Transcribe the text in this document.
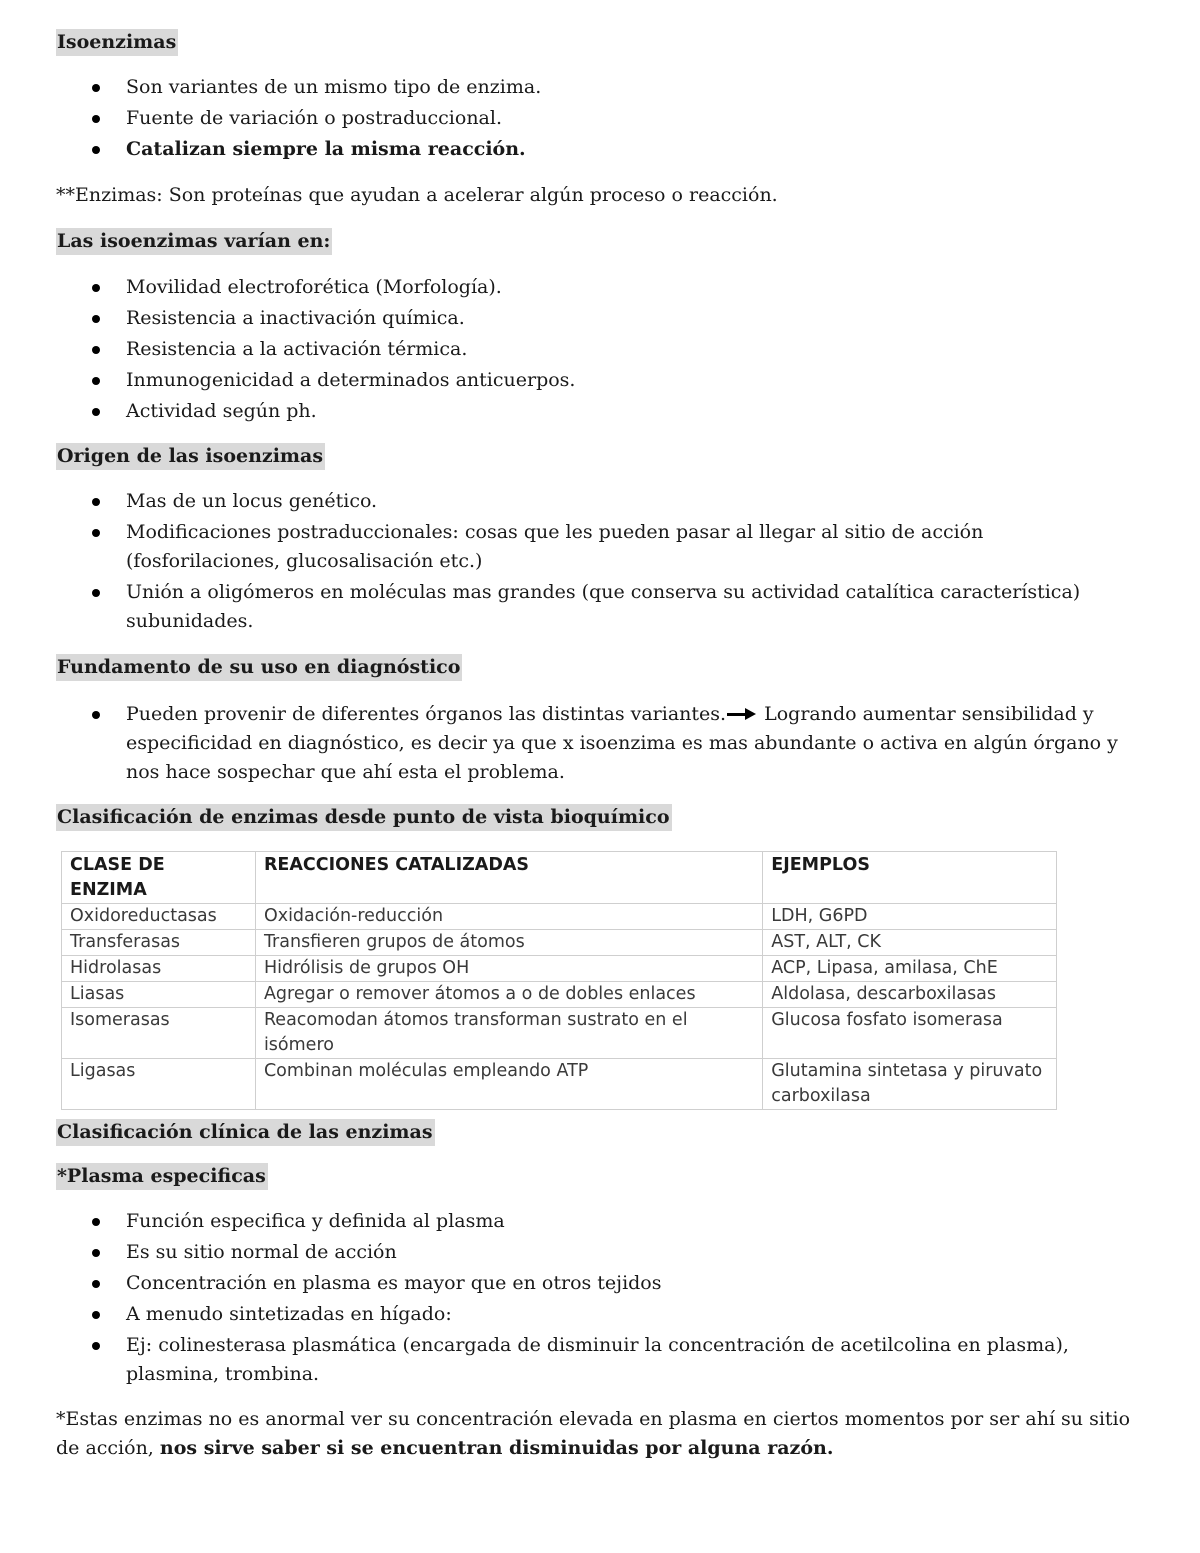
Isoenzimas
Son variantes de un mismo tipo de enzima.
Fuente de variación o postraduccional.
Catalizan siempre la misma reacción.
**Enzimas: Son proteínas que ayudan a acelerar algún proceso o reacción.
Las isoenzimas varían en:
Movilidad electroforética (Morfología).
Resistencia a inactivación química.
Resistencia a la activación térmica.
Inmunogenicidad a determinados anticuerpos.
Actividad según ph.
Origen de las isoenzimas
Mas de un locus genético.
Modificaciones postraduccionales: cosas que les pueden pasar al llegar al sitio de acción (fosforilaciones, glucosalisación etc.)
Unión a oligómeros en moléculas mas grandes (que conserva su actividad catalítica característica) subunidades.
Fundamento de su uso en diagnóstico
Pueden provenir de diferentes órganos las distintas variantes. Logrando aumentar sensibilidad y especificidad en diagnóstico, es decir ya que x isoenzima es mas abundante o activa en algún órgano y nos hace sospechar que ahí esta el problema.
Clasificación de enzimas desde punto de vista bioquímico
CLASE DE ENZIMA	REACCIONES CATALIZADAS	EJEMPLOS
Oxidoreductasas	Oxidación-reducción	LDH, G6PD
Transferasas	Transfieren grupos de átomos	AST, ALT, CK
Hidrolasas	Hidrólisis de grupos OH	ACP, Lipasa, amilasa, ChE
Liasas	Agregar o remover átomos a o de dobles enlaces	Aldolasa, descarboxilasas
Isomerasas	Reacomodan átomos transforman sustrato en el isómero	Glucosa fosfato isomerasa
Ligasas	Combinan moléculas empleando ATP	Glutamina sintetasa y piruvato carboxilasa
Clasificación clínica de las enzimas
*Plasma especificas
Función especifica y definida al plasma
Es su sitio normal de acción
Concentración en plasma es mayor que en otros tejidos
A menudo sintetizadas en hígado:
Ej: colinesterasa plasmática (encargada de disminuir la concentración de acetilcolina en plasma), plasmina, trombina.
*Estas enzimas no es anormal ver su concentración elevada en plasma en ciertos momentos por ser ahí su sitio de acción, nos sirve saber si se encuentran disminuidas por alguna razón.
